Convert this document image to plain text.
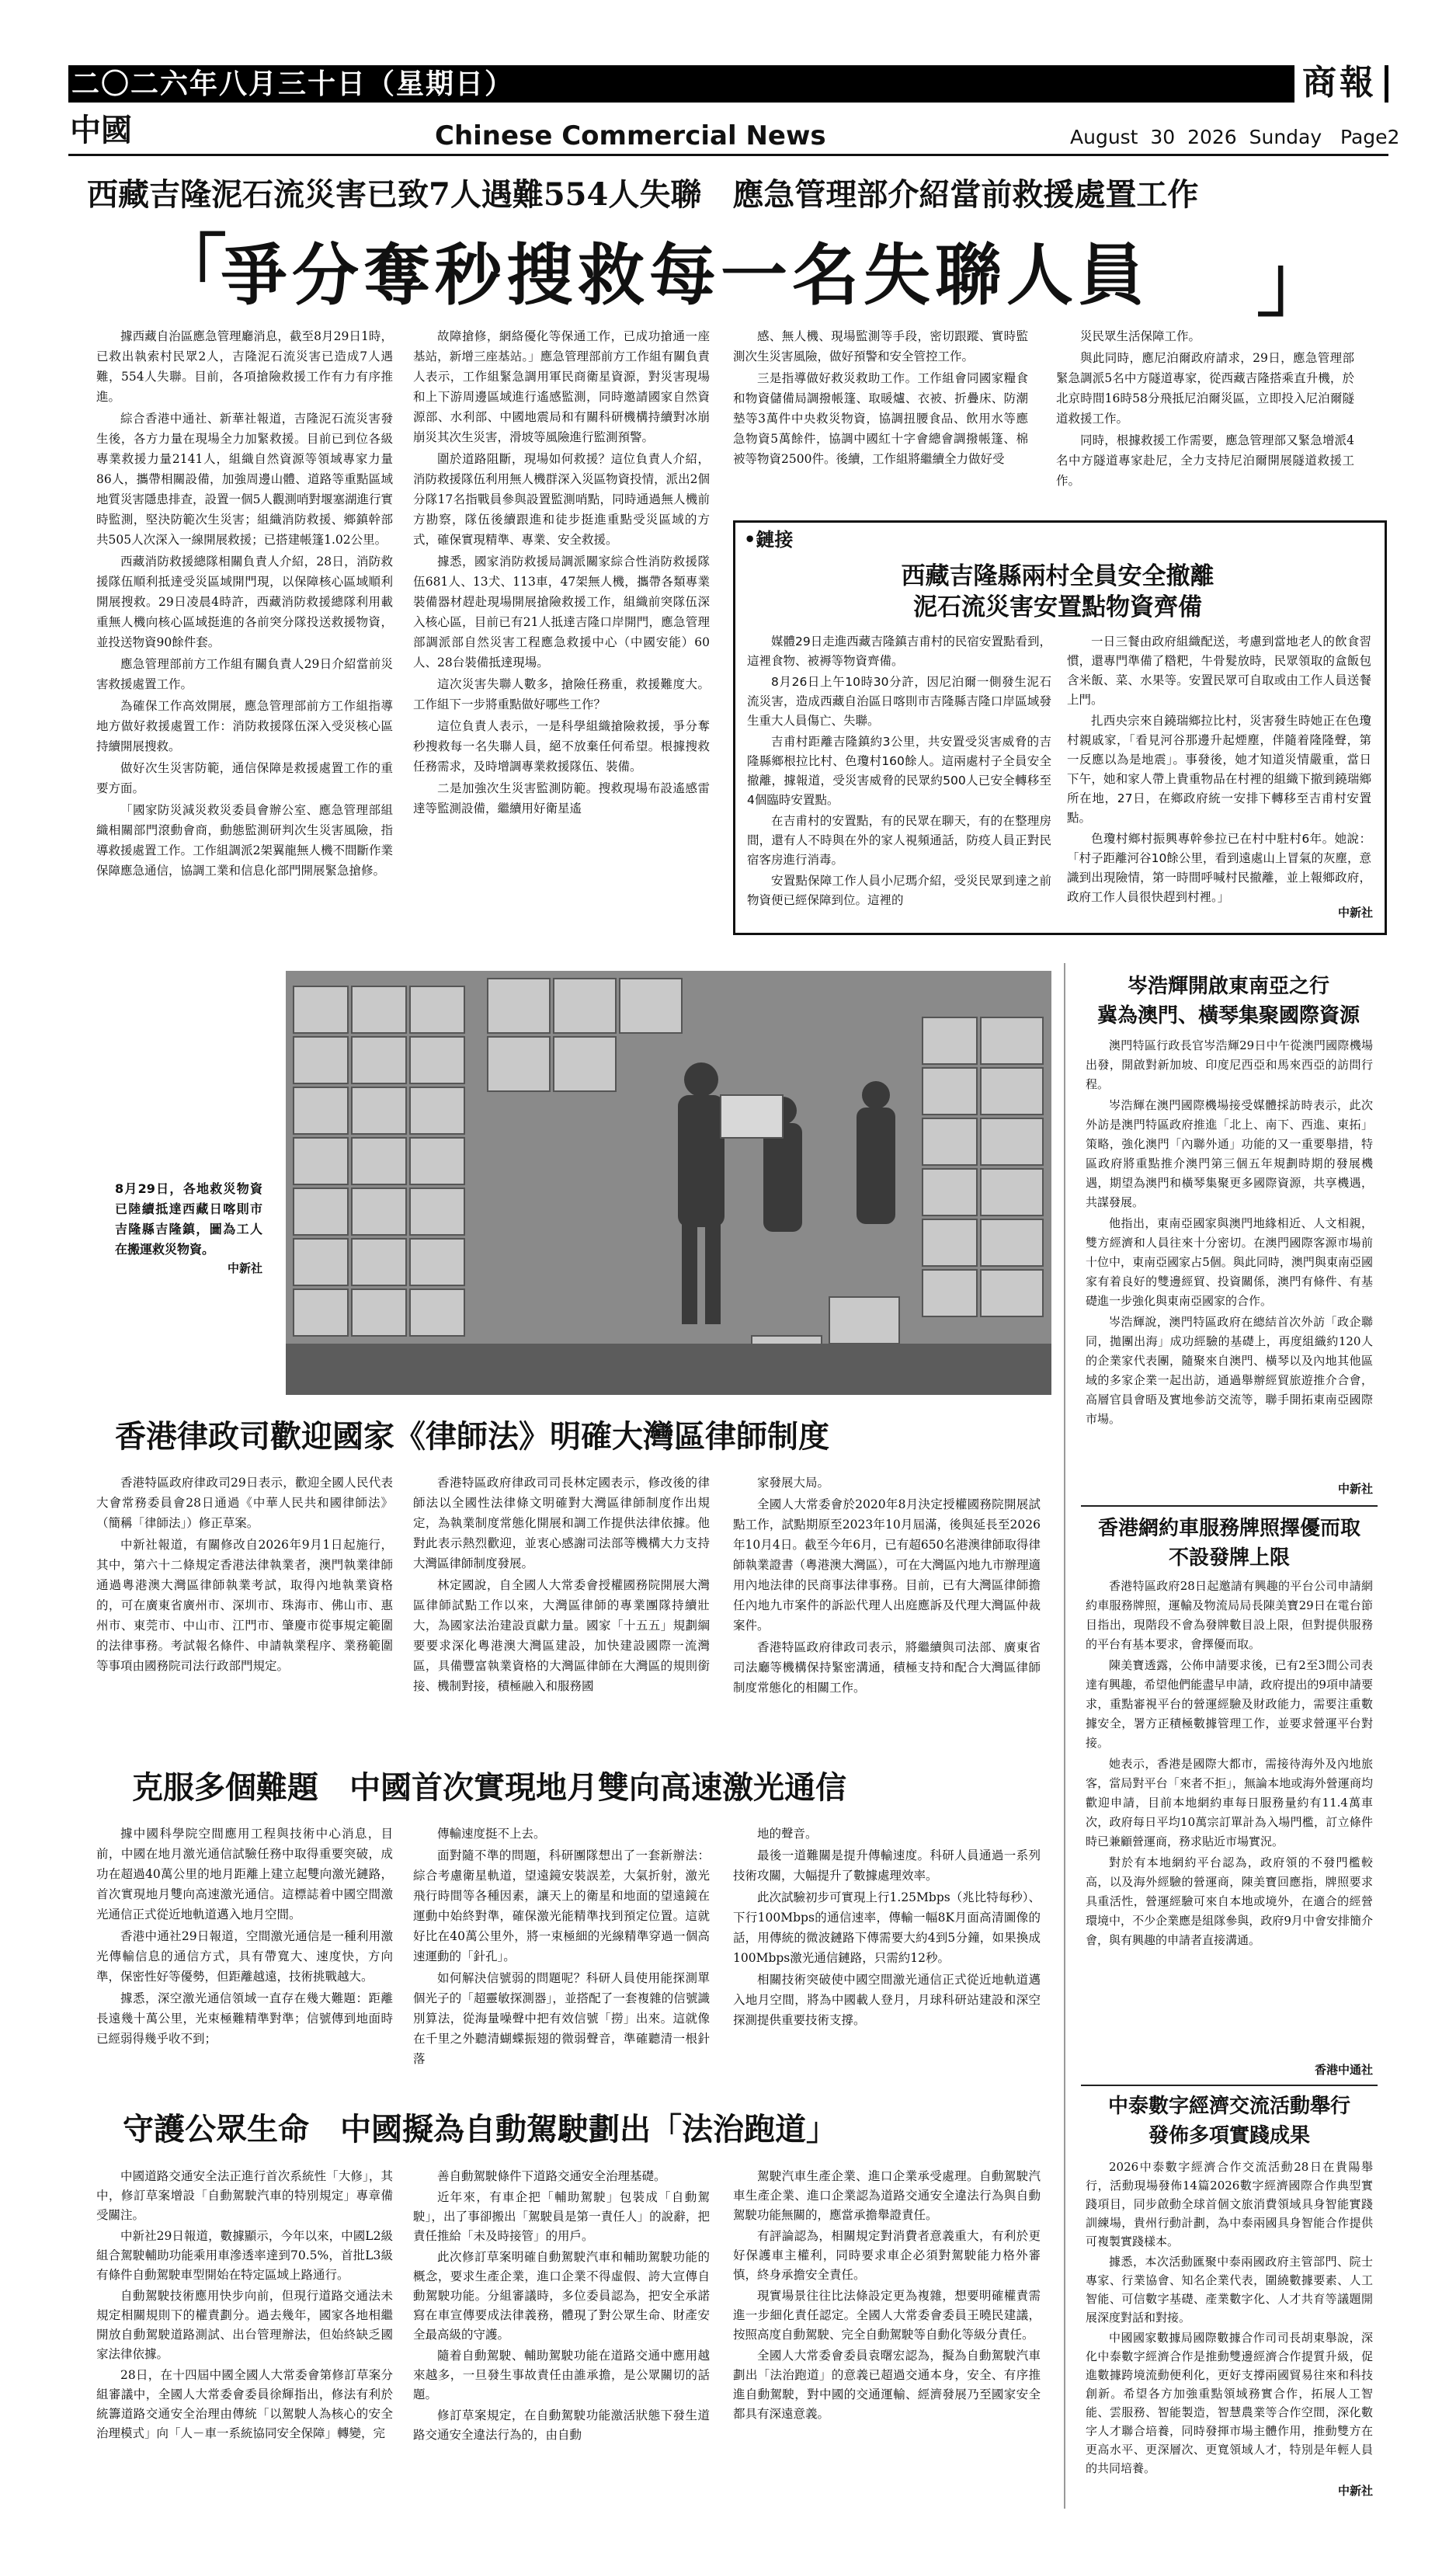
二〇二六年八月三十日（星期日）	商報
中國	Chinese Commercial News	August  30  2026  Sunday   Page2
西藏吉隆泥石流災害已致7人遇難554人失聯　應急管理部介紹當前救援處置工作
「
爭分奪秒搜救每一名失聯人員 」

據西藏自治區應急管理廳消息，截至8月29日1時，已救出執索村民眾2人，吉隆泥石流災害已造成7人遇難，554人失聯。目前，各項搶險救援工作有力有序推進。

綜合香港中通社、新華社報道，吉隆泥石流災害發生後，各方力量在現場全力加緊救援。目前已到位各級專業救援力量2141人，組織自然資源等領域專家力量86人，攜帶相關設備，加強周邊山體、道路等重點區域地質災害隱患排查，設置一個5人觀測哨對堰塞湖進行實時監測，堅決防範次生災害；組織消防救援、鄉鎮幹部共505人次深入一線開展救援；已搭建帳篷1.02公里。

西藏消防救援總隊相關負責人介紹，28日，消防救援隊伍順利抵達受災區域開門現，以保障核心區域順利開展搜救。29日凌晨4時許，西藏消防救援總隊利用載重無人機向核心區域挺進的各前突分隊投送救援物資，並投送物資90餘件套。

應急管理部前方工作組有關負責人29日介紹當前災害救援處置工作。

為確保工作高效開展，應急管理部前方工作組指導地方做好救援處置工作：消防救援隊伍深入受災核心區持續開展搜救。

做好次生災害防範，通信保障是救援處置工作的重要方面。

「國家防災減災救災委員會辦公室、應急管理部組織相關部門滾動會商，動態監測研判次生災害風險，指導救援處置工作。工作組調派2架翼龍無人機不間斷作業保障應急通信，協調工業和信息化部門開展緊急搶修。

故障搶修，網絡優化等保通工作，已成功搶通一座基站，新增三座基站。」應急管理部前方工作組有關負責人表示，工作組緊急調用軍民商衛星資源，對災害現場和上下游周邊區域進行遙感監測，同時邀請國家自然資源部、水利部、中國地震局和有關科研機構持續對冰崩崩災其次生災害，滑坡等風險進行監測預警。

圍於道路阻斷，現場如何救援？這位負責人介紹，消防救援隊伍利用無人機群深入災區物資投情，派出2個分隊17名指戰員參與設置監測哨點，同時通過無人機前方勘察，隊伍後續跟進和徒步挺進重點受災區域的方式，確保實現精準、專業、安全救援。

據悉，國家消防救援局調派關家綜合性消防救援隊伍681人、13犬、113車，47架無人機，攜帶各類專業裝備器材趕赴現場開展搶險救援工作，組織前突隊伍深入核心區，目前已有21人抵達吉隆口岸開門，應急管理部調派部自然災害工程應急救援中心（中國安能）60人、28台裝備抵達現場。

這次災害失聯人數多，搶險任務重，救援難度大。工作組下一步將重點做好哪些工作？

這位負責人表示，一是科學組織搶險救援，爭分奪秒搜救每一名失聯人員，絕不放棄任何希望。根據搜救任務需求，及時增調專業救援隊伍、裝備。

二是加強次生災害監測防範。搜救現場布設遙感雷達等監測設備，繼續用好衛星遙

感、無人機、現場監測等手段，密切跟蹤、實時監測次生災害風險，做好預警和安全管控工作。

三是指導做好救災救助工作。工作組會同國家糧食和物資儲備局調撥帳篷、取暖爐、衣被、折疊床、防潮墊等3萬件中央救災物資，協調扭腰食品、飲用水等應急物資5萬餘件，協調中國紅十字會總會調撥帳篷、棉被等物資2500件。後續，工作組將繼續全力做好受

災民眾生活保障工作。

與此同時，應尼泊爾政府請求，29日，應急管理部緊急調派5名中方隧道專家，從西藏吉隆搭乘直升機，於北京時間16時58分飛抵尼泊爾災區，立即投入尼泊爾隧道救援工作。

同時，根據救援工作需要，應急管理部又緊急增派4名中方隧道專家赴尼，全力支持尼泊爾開展隧道救援工作。

•鏈接
西藏吉隆縣兩村全員安全撤離
泥石流災害安置點物資齊備

媒體29日走進西藏吉隆鎮吉甫村的民宿安置點看到，這裡食物、被褥等物資齊備。

8月26日上午10時30分許，因尼泊爾一側發生泥石流災害，造成西藏自治區日喀則市吉隆縣吉隆口岸區域發生重大人員傷亡、失聯。

吉甫村距離吉隆鎮約3公里，共安置受災害威脅的吉隆縣鄉根拉比村、色瓊村160餘人。這兩處村子全員安全撤離，據報道，受災害威脅的民眾約500人已安全轉移至4個臨時安置點。

在吉甫村的安置點，有的民眾在聊天，有的在整理房間，還有人不時與在外的家人視頻通話，防疫人員正對民宿客房進行消毒。

安置點保障工作人員小尼瑪介紹，受災民眾到達之前物資便已經保障到位。這裡的

一日三餐由政府組織配送，考慮到當地老人的飲食習慣，還專門準備了糌粑，牛骨髮放時，民眾領取的盒飯包含米飯、菜、水果等。安置民眾可自取或由工作人員送餐上門。

扎西央宗來自鐃瑞鄉拉比村，災害發生時她正在色瓊村親戚家，「看見河谷那邊升起煙塵，伴隨着隆隆聲，第一反應以為是地震」。事發後，她才知道災情嚴重，當日下午，她和家人帶上貴重物品在村裡的組織下撤到鐃瑞鄉所在地，27日，在鄉政府統一安排下轉移至吉甫村安置點。

色瓊村鄉村振興專幹參拉已在村中駐村6年。她說：「村子距離河谷10餘公里，看到遠處山上冒氣的灰塵，意識到出現險情，第一時間呼喊村民撤離，並上報鄉政府，政府工作人員很快趕到村裡。」

中新社
8月29日，各地救災物資已陸續抵達西藏日喀則市吉隆縣吉隆鎮，圖為工人在搬運救災物資。
中新社
岑浩輝開啟東南亞之行
冀為澳門、橫琴集聚國際資源

澳門特區行政長官岑浩輝29日中午從澳門國際機場出發，開啟對新加坡、印度尼西亞和馬來西亞的訪問行程。

岑浩輝在澳門國際機場接受媒體採訪時表示，此次外訪是澳門特區政府推進「北上、南下、西進、東拓」策略，強化澳門「內聯外通」功能的又一重要舉措，特區政府將重點推介澳門第三個五年規劃時期的發展機遇，期望為澳門和橫琴集聚更多國際資源，共享機遇，共謀發展。

他指出，東南亞國家與澳門地緣相近、人文相親，雙方經濟和人員往來十分密切。在澳門國際客源市場前十位中，東南亞國家占5個。與此同時，澳門與東南亞國家有着良好的雙邊經貿、投資關係，澳門有條件、有基礎進一步強化與東南亞國家的合作。

岑浩輝說，澳門特區政府在總結首次外訪「政企聯同，拋團出海」成功經驗的基礎上，再度組織約120人的企業家代表團，隨聚來自澳門、橫琴以及內地其他區域的多家企業一起出訪，通過舉辦經貿旅遊推介合會，高層官員會晤及實地參訪交流等，聯手開拓東南亞國際市場。

中新社
香港網約車服務牌照擇優而取
不設發牌上限

香港特區政府28日起邀請有興趣的平台公司申請網約車服務牌照，運輸及物流局局長陳美寶29日在電台節目指出，現階段不會為發牌數目設上限，但對提供服務的平台有基本要求，會擇優而取。

陳美寶透露，公佈申請要求後，已有2至3間公司表達有興趣，希望他們能盡早申請，政府提出的9項申請要求，重點審視平台的營運經驗及財政能力，需要注重數據安全，署方正積極數據管理工作，並要求營運平台對接。

她表示，香港是國際大都市，需接待海外及內地旅客，當局對平台「來者不拒」，無論本地或海外營運商均歡迎申請，目前本地網約車每日服務量約有11.4萬車次，政府每日平均10萬宗訂單計為入場門檻，訂立條件時已兼顧營運商，務求貼近市場實況。

對於有本地網約平台認為，政府領的不發門檻較高，以及海外經驗的營運商，陳美寶回應指，牌照要求具重活性，營運經驗可來自本地或境外，在適合的經營環境中，不少企業應是組隊參與，政府9月中會安排簡介會，與有興趣的申請者直接溝通。

香港中通社
中泰數字經濟交流活動舉行
發佈多項實踐成果

2026中泰數字經濟合作交流活動28日在貴陽舉行，活動現場發佈14篇2026數字經濟國際合作典型實踐項目，同步啟動全球首個文旅消費領域具身智能實踐訓練場，貴州行動計劃，為中泰兩國具身智能合作提供可複製實踐樣本。

據悉，本次活動匯聚中泰兩國政府主管部門、院士專家、行業協會、知名企業代表，圍繞數據要素、人工智能、可信數字基礎、產業數字化、人才共育等議題開展深度對話和對接。

中國國家數據局國際數據合作司司長胡東舉說，深化中泰數字經濟合作是推動雙邊經濟合作提質升級，促進數據跨境流動便利化，更好支撐兩國貿易往來和科技創新。希望各方加強重點領域務實合作，拓展人工智能、雲服務、智能製造，智慧農業等合作空間，深化數字人才聯合培養，同時發揮市場主體作用，推動雙方在更高水平、更深層次、更寬領域人才，特別是年輕人員的共同培養。

中新社
香港律政司歡迎國家《律師法》明確大灣區律師制度

香港特區政府律政司29日表示，歡迎全國人民代表大會常務委員會28日通過《中華人民共和國律師法》（簡稱「律師法」）修正草案。

中新社報道，有關修改自2026年9月1日起施行，其中，第六十二條規定香港法律執業者，澳門執業律師通過粵港澳大灣區律師執業考試，取得內地執業資格的，可在廣東省廣州市、深圳市、珠海市、佛山市、惠州市、東莞市、中山市、江門市、肇慶市從事規定範圍的法律事務。考試報名條件、申請執業程序、業務範圍等事項由國務院司法行政部門規定。

香港特區政府律政司司長林定國表示，修改後的律師法以全國性法律條文明確對大灣區律師制度作出規定，為執業制度常態化開展和調工作提供法律依據。他對此表示熱烈歡迎，並衷心感謝司法部等機構大力支持大灣區律師制度發展。

林定國說，自全國人大常委會授權國務院開展大灣區律師試點工作以來，大灣區律師的專業團隊持續壯大，為國家法治建設貢獻力量。國家「十五五」規劃綱要要求深化粵港澳大灣區建設，加快建設國際一流灣區，具備豐富執業資格的大灣區律師在大灣區的規則銜接、機制對接，積極融入和服務國

家發展大局。

全國人大常委會於2020年8月決定授權國務院開展試點工作，試點期原至2023年10月屆滿，後與延長至2026年10月4日。截至今年6月，已有超650名港澳律師取得律師執業證書（粵港澳大灣區），可在大灣區內地九市辦理適用內地法律的民商事法律事務。目前，已有大灣區律師擔任內地九市案件的訴訟代理人出庭應訴及代理大灣區仲裁案件。

香港特區政府律政司表示，將繼續與司法部、廣東省司法廳等機構保持緊密溝通，積極支持和配合大灣區律師制度常態化的相關工作。

克服多個難題　中國首次實現地月雙向高速激光通信

據中國科學院空間應用工程與技術中心消息，目前，中國在地月激光通信試驗任務中取得重要突破，成功在超過40萬公里的地月距離上建立起雙向激光鏈路，首次實現地月雙向高速激光通信。這標誌着中國空間激光通信正式從近地軌道邁入地月空間。

香港中通社29日報道，空間激光通信是一種利用激光傳輸信息的通信方式，具有帶寬大、速度快，方向準，保密性好等優勢，但距離越遠，技術挑戰越大。

據悉，深空激光通信領域一直存在幾大難題：距離長遠幾十萬公里，光束極難精準對準；信號傳到地面時已經弱得幾乎收不到；

傳輸速度挺不上去。

面對隨不準的問題，科研團隊想出了一套新辦法：綜合考慮衛星軌道，望遠鏡安裝誤差，大氣折射，激光飛行時間等各種因素，讓天上的衛星和地面的望遠鏡在運動中始終對準，確保激光能精準找到預定位置。這就好比在40萬公里外，將一束極細的光線精準穿過一個高速運動的「針孔」。

如何解決信號弱的問題呢？科研人員使用能探測單個光子的「超靈敏探測器」，並搭配了一套複雜的信號識別算法，從海量噪聲中把有效信號「撈」出來。這就像在千里之外聽清蝴蝶振翅的微弱聲音，準確聽清一根針落

地的聲音。

最後一道難關是提升傳輸速度。科研人員通過一系列技術攻關，大幅提升了數據處理效率。

此次試驗初步可實現上行1.25Mbps（兆比特每秒）、下行100Mbps的通信速率，傳輸一幅8K月面高清圖像的話，用傳統的微波鏈路下傳需要大約4到5分鐘，如果換成100Mbps激光通信鏈路，只需約12秒。

相關技術突破使中國空間激光通信正式從近地軌道邁入地月空間，將為中國載人登月，月球科研站建設和深空探測提供重要技術支撐。

守護公眾生命　中國擬為自動駕駛劃出「法治跑道」

中國道路交通安全法正進行首次系統性「大修」，其中，修訂草案增設「自動駕駛汽車的特別規定」專章備受關注。

中新社29日報道，數據顯示，今年以來，中國L2級組合駕駛輔助功能乘用車滲透率達到70.5%，首批L3級有條件自動駕駛車型開始在特定區域上路通行。

自動駕駛技術應用快步向前，但現行道路交通法未規定相關規則下的權責劃分。過去幾年，國家各地相繼開放自動駕駛道路測試、出台管理辦法，但始終缺乏國家法律依據。

28日，在十四屆中國全國人大常委會第修訂草案分組審議中，全國人大常委會委員徐輝指出，修法有利於統籌道路交通安全治理由傳統「以駕駛人為核心的安全治理模式」向「人－車一系統協同安全保障」轉變，完

善自動駕駛條件下道路交通安全治理基礎。

近年來，有車企把「輔助駕駛」包裝成「自動駕駛」，出了事卻搬出「駕駛員是第一責任人」的說辭，把責任推給「未及時接管」的用戶。

此次修訂草案明確自動駕駛汽車和輔助駕駛功能的概念，要求生產企業，進口企業不得虛假、誇大宣傳自動駕駛功能。分組審議時，多位委員認為，把安全承諾寫在車宣傳要成法律義務，體現了對公眾生命、財產安全最高級的守護。

隨着自動駕駛、輔助駕駛功能在道路交通中應用越來越多，一旦發生事故責任由誰承擔，是公眾關切的話題。

修訂草案規定，在自動駕駛功能激活狀態下發生道路交通安全違法行為的，由自動

駕駛汽車生產企業、進口企業承受處理。自動駕駛汽車生產企業、進口企業認為道路交通安全違法行為與自動駕駛功能無關的，應當承擔舉證責任。

有評論認為，相關規定對消費者意義重大，有利於更好保護車主權利，同時要求車企必須對駕駛能力格外審慎，終身承擔安全責任。

現實場景往往比法條設定更為複雜，想要明確權責需進一步細化責任認定。全國人大常委會委員王曉民建議，按照高度自動駕駛、完全自動駕駛等自動化等級分責任。

全國人大常委會委員袁曙宏認為，擬為自動駕駛汽車劃出「法治跑道」的意義已超過交通本身，安全、有序推進自動駕駛，對中國的交通運輸、經濟發展乃至國家安全都具有深遠意義。
